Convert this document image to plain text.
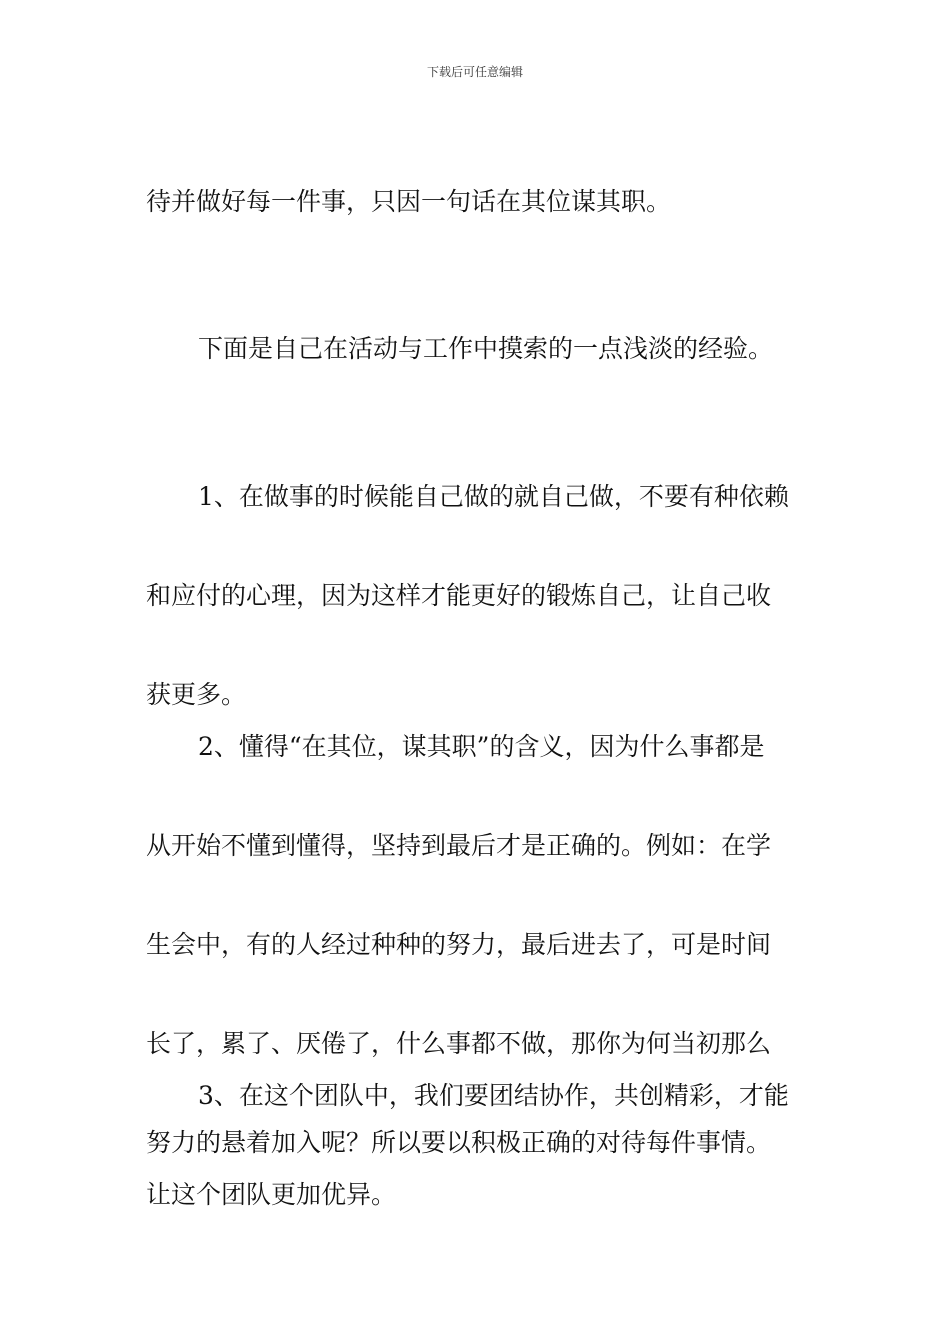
下载后可任意编辑

待并做好每一件事，只因一句话在其位谋其职。

下面是自己在活动与工作中摸索的一点浅淡的经验。

1、在做事的时候能自己做的就自己做，不要有种依赖

和应付的心理，因为这样才能更好的锻炼自己，让自己收

获更多。

2、懂得“在其位，谋其职”的含义，因为什么事都是

从开始不懂到懂得，坚持到最后才是正确的。例如：在学

生会中，有的人经过种种的努力，最后进去了，可是时间

长了，累了、厌倦了，什么事都不做，那你为何当初那么

努力的悬着加入呢？所以要以积极正确的对待每件事情。

3、在这个团队中，我们要团结协作，共创精彩，才能

让这个团队更加优异。
